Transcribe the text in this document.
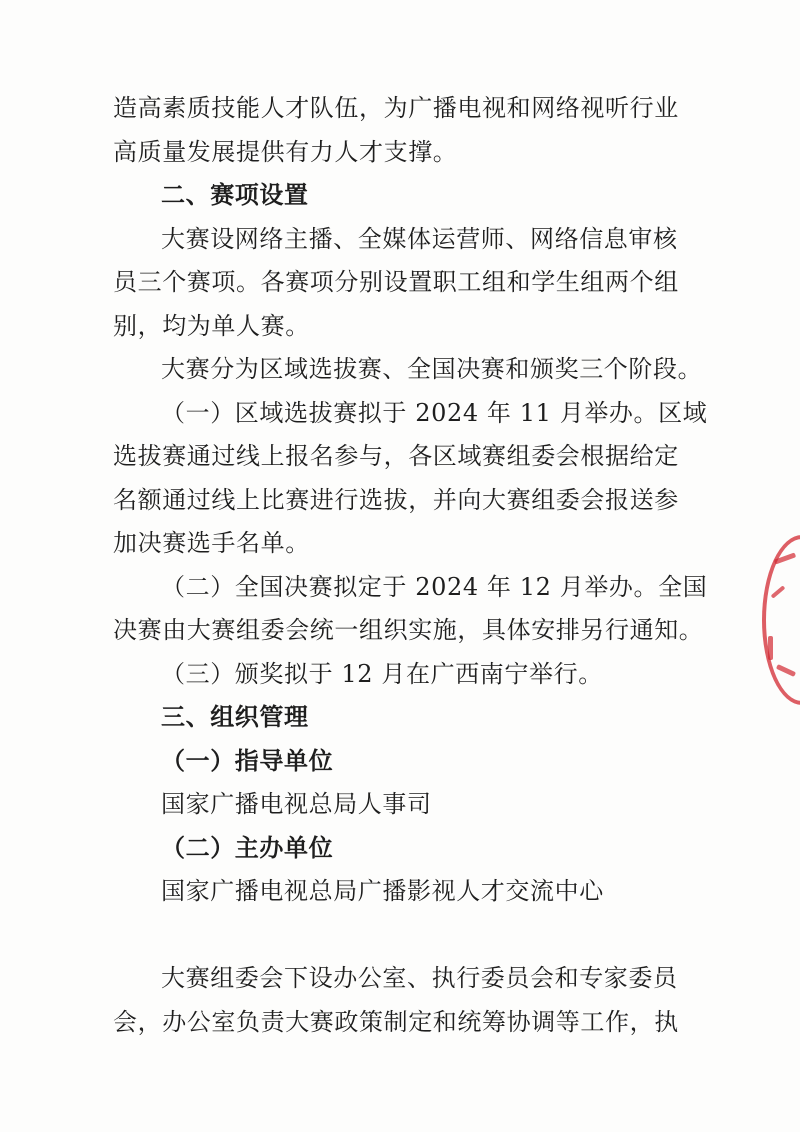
造高素质技能人才队伍，为广播电视和网络视听行业
高质量发展提供有力人才支撑。
二、赛项设置
大赛设网络主播、全媒体运营师、网络信息审核
员三个赛项。各赛项分别设置职工组和学生组两个组
别，均为单人赛。
大赛分为区域选拔赛、全国决赛和颁奖三个阶段。
（一）区域选拔赛拟于 2024 年 11 月举办。区域
选拔赛通过线上报名参与，各区域赛组委会根据给定
名额通过线上比赛进行选拔，并向大赛组委会报送参
加决赛选手名单。
（二）全国决赛拟定于 2024 年 12 月举办。全国
决赛由大赛组委会统一组织实施，具体安排另行通知。
（三）颁奖拟于 12 月在广西南宁举行。
三、组织管理
（一）指导单位
国家广播电视总局人事司
（二）主办单位
国家广播电视总局广播影视人才交流中心
大赛组委会下设办公室、执行委员会和专家委员
会，办公室负责大赛政策制定和统筹协调等工作，执
